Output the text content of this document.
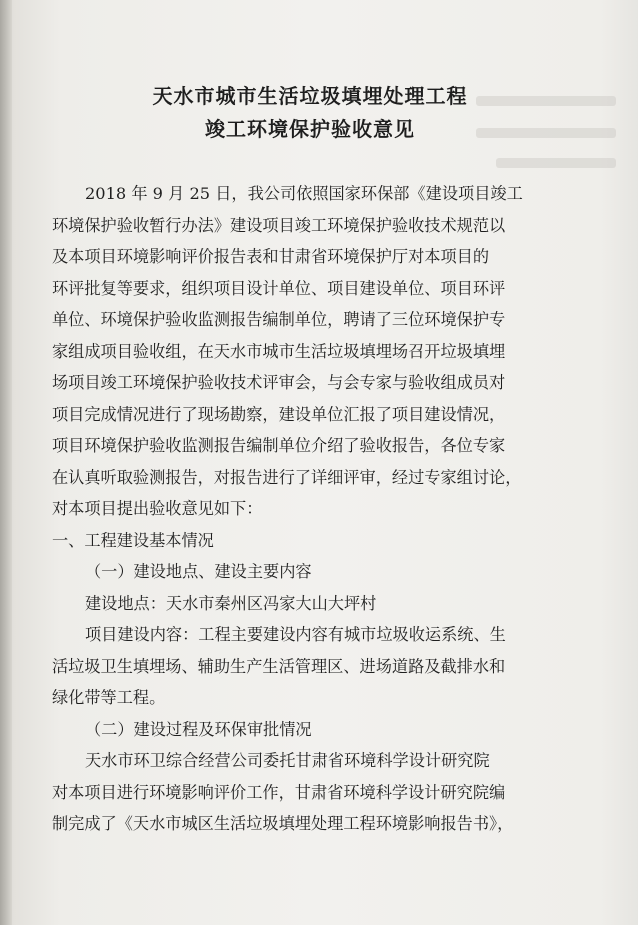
天水市城市生活垃圾填埋处理工程
竣工环境保护验收意见
2018 年 9 月 25 日，我公司依照国家环保部《建设项目竣工
环境保护验收暂行办法》建设项目竣工环境保护验收技术规范以
及本项目环境影响评价报告表和甘肃省环境保护厅对本项目的
环评批复等要求，组织项目设计单位、项目建设单位、项目环评
单位、环境保护验收监测报告编制单位，聘请了三位环境保护专
家组成项目验收组，在天水市城市生活垃圾填埋场召开垃圾填埋
场项目竣工环境保护验收技术评审会，与会专家与验收组成员对
项目完成情况进行了现场勘察，建设单位汇报了项目建设情况，
项目环境保护验收监测报告编制单位介绍了验收报告，各位专家
在认真听取验测报告，对报告进行了详细评审，经过专家组讨论，
对本项目提出验收意见如下：
一、工程建设基本情况
（一）建设地点、建设主要内容
建设地点：天水市秦州区冯家大山大坪村
项目建设内容：工程主要建设内容有城市垃圾收运系统、生
活垃圾卫生填埋场、辅助生产生活管理区、进场道路及截排水和
绿化带等工程。
（二）建设过程及环保审批情况
天水市环卫综合经营公司委托甘肃省环境科学设计研究院
对本项目进行环境影响评价工作，甘肃省环境科学设计研究院编
制完成了《天水市城区生活垃圾填埋处理工程环境影响报告书》，
